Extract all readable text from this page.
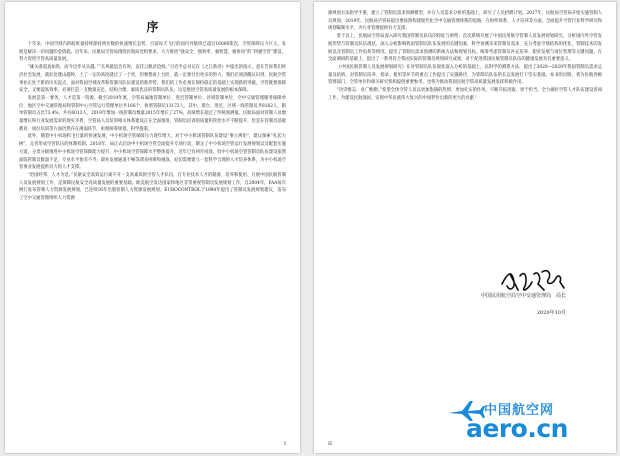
序

十年来，中国空域内的航班量持续保持两位数的快速增长态势，目前每天飞行的国内外航班已超过16000架次，空管保障压力巨大。发展是解决一切问题的金钥匙。近年来，民航局空管局围绕民航局党组要求，大力推进“强安全、强效率、强智慧、强协同”的“四强空管”建设，努力促进空管高质量发展。

“雄关漫道真如铁，而今迈步从头越。”“长风破浪会有时，直挂云帆济沧海。”习近平总书记在《之江新语》中提出的指示，意在告诉我们经济社会发展，就好比爬山越岭，上了一定的高度就过了一个坎，但要想再上台阶，就一定要付出更多的努力。我们必须清醒认识到，民航空管事业正处于新的历史起点，面对我国空域改革和管制员队伍建设的新形势，我们的工作必须在保持稳定的基础上实现新的突破。空管既要保障安全，又要提高效率，必须打造一支数量充足、结构合理、素质优良的管制员队伍，这是推进空管高质量发展的根本保障。

发展是第一要务，人才是第一资源。截至2019年底，空管局属地管制单位、进近管制单位、区域管制单位、空中交通管理服务保障单位、地区空中交通管理局和管制中心空管运行管理单位共166个，执照管制员13172人，其中，塔台、进近、区域一线管制员共8162人，跟单管制员占比73.4%，共有6013人，2019年增加一线管制员数量2015年增长了27%，高频增长超过了传统预测值。民航局面对管制人员数量增长和行业发展需求的现实矛盾，空管局人员培训相关体系建设正在全面推进，管制员培训的质量和管控水平不断提升，但是在管制员基础教育、岗位培训等方面仍然存在薄弱环节，亟须统筹规划，科学施策。

此外，随着中小机场和飞行量的快速发展，中小机场空管保障压力逐年增大，对于中小机场管制队伍建设“事立规矩”，建议探索“扎起大树”，完善形成空管队伍的体制机制。2018年，局正式启动中小机场空管全面提升专项行动，制定了中小机场空管运行发展规划以及配套实施方案，分类分级推进中小机场空管保障能力提升，中小机场空管保障水平整体提升，近年已有初步成效。但中小机场空管管制员队伍建设依然面临管制员数量不足、专业水平参差不齐、职业发展通道不畅等诸多困难和挑战，迫切需要建立一套科学合理的人才培养体系，为中小机场空管事业发展提供有力的人才支撑。

“治国经邦，人才为急。”民航安全高效运行离不开一支高素质的空管人才队伍，在专业技术人才的储备、培养和使用、开展中国民航管制人员发展规划工作，是保障民航安全高质量发展的重要基础。欧美航空发达国家和地区非常重视管制员发展规划工作，自2004年，FAA每年例行发布管制人力资源发展规划，已连续16年出版管制人力资源发展规划。EUROCONTROL于1998年提出了管制员发展规划建议，发布了空中交通管理组织人力资源

I

源规划方法指导手册，建立了管制员需求预测模型，并在人员需求分析的基础上，研究了人员招聘计划。2017年，民航局空管局开始实施管制人员规划，2019年，民航局空管局提出要按照构建现代化空中交通管理体系的思路，在组织体系、人才培养等方面，全面提升空管行业科学研究和规划编制水平，为行业管理提供有力支撑。

鉴于以上，民航局空管局深入研究我国管制员队伍的特征与供给，首次系统开展了中国民用航空管制人员发展规划研究，分析国内外空管发展形势与管制员队伍现状，深入分析影响我国管制员队伍发展的关键因素，科学预测未来管制员需求，充分考虑空域结构的优化、管制技术的发展以及管制员工作负荷等情况，提出了管制员需求预测的系统方法和规划目标。统筹考虑管制员补充培养、职业发展与岗位管理等关键问题，在全面调研的基础上，提出了一系列符合我国实际的管制员规划研究成果，对于促进我国民航管制员队伍的健康发展具有重要意义。

《中国民航管制人员发展规划研究》在对管制员队伍现状深入分析的基础上，以科学的测算方法，提出了2020—2029年我国管制员需求总量及结构，对管制员培养、招录、使用等环节的重点工作提出了实施路径，为管制员队伍的长远发展打下坚实基础。本书的出版，将为民航各级管理部门、空管单位和相关研究机构提供重要参考，也将为推动我国民航空管高质量发展发挥积极作用。

“功崇惟志，业广惟勤。”希望全体空管人员以更加饱满的热情、更加扎实的作风，不断开拓进取、勇于担当，全力做好空管人才队伍建设各项工作，为建设民航强国、实现中华民族伟大复兴的中国梦作出新的更大的贡献！

中国民用航空局空中交通管理局　局长
2020年10月
II
中国航空网
aero.cn
